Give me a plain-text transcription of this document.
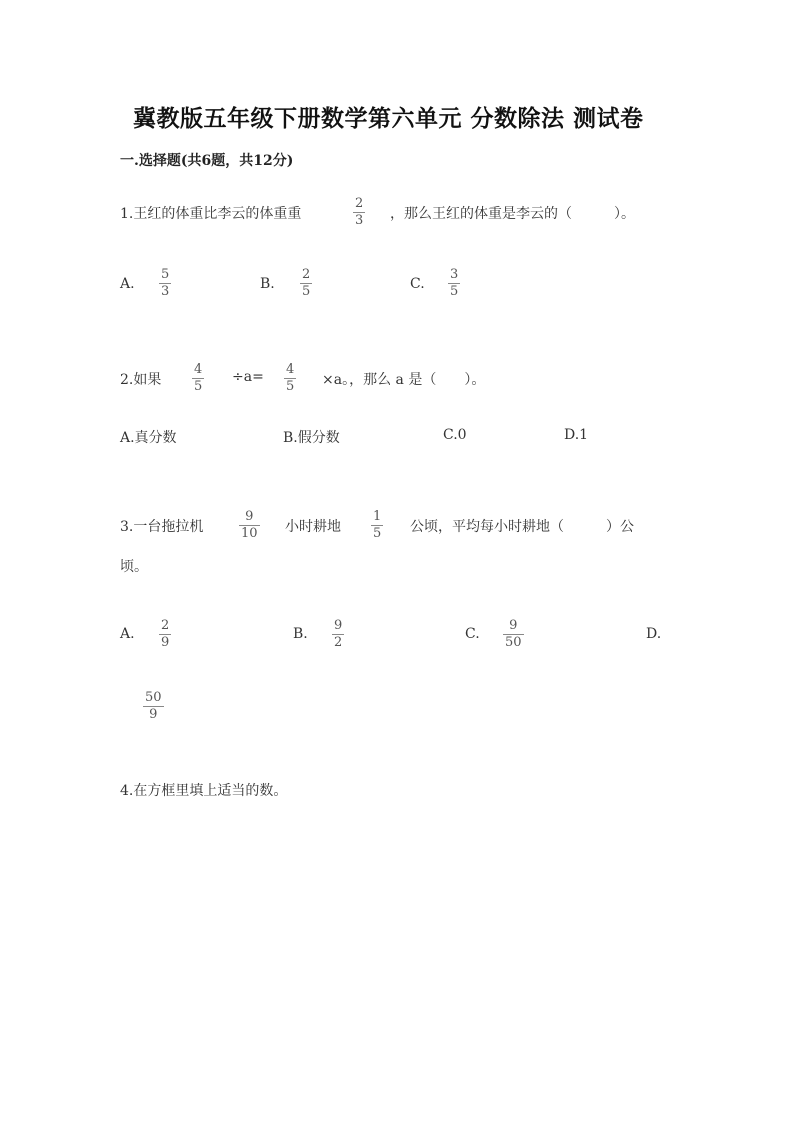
冀教版五年级下册数学第六单元 分数除法 测试卷
一.选择题(共6题，共12分)
1.王红的体重比李云的体重重
2
3 ，那么王红的体重是李云的（　　　）。
A.
5
3	B.
2
5	C.
3
5
2.如果
4
5
÷a= 4
5 ×a。，那么 a 是（　　）。
A.真分数	B.假分数	C.0	D.1
3.一台拖拉机
9
10 小时耕地
1
5 公顷，平均每小时耕地（　　　）公
顷。
A.
2
9
B.
9
2
C.
9
50
D.
50
9
4.在方框里填上适当的数。
